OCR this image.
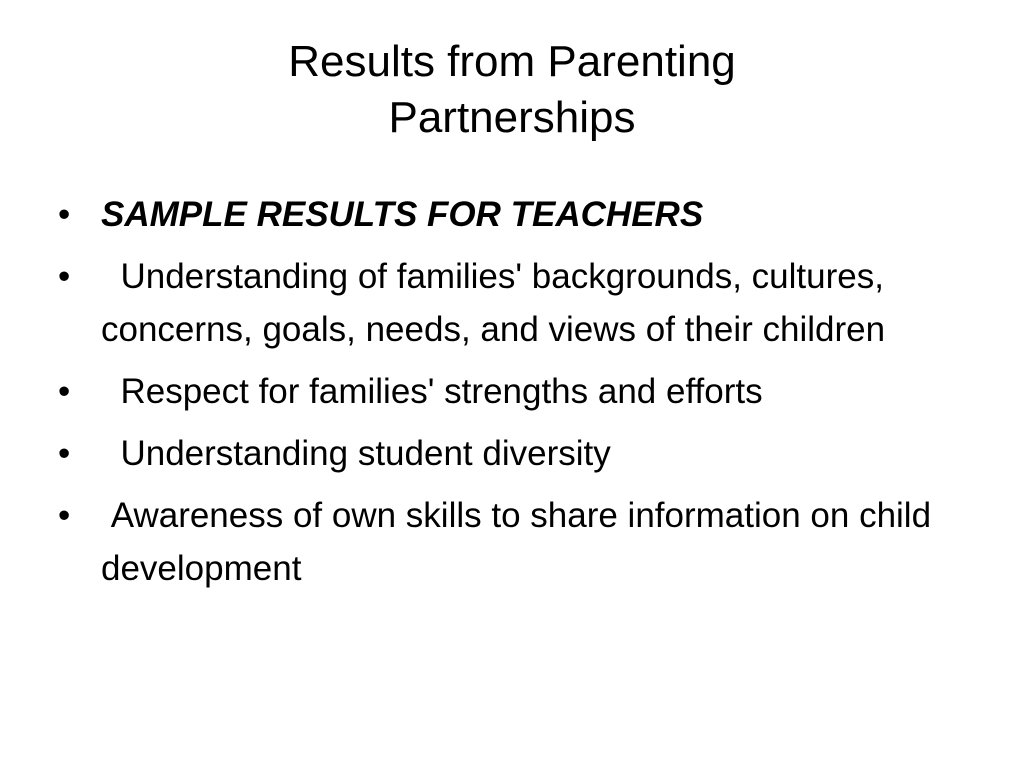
Results from Parenting
Partnerships
• SAMPLE RESULTS FOR TEACHERS
• Understanding of families' backgrounds, cultures, concerns, goals, needs, and views of their children
• Respect for families' strengths and efforts
• Understanding student diversity
• Awareness of own skills to share information on child development
